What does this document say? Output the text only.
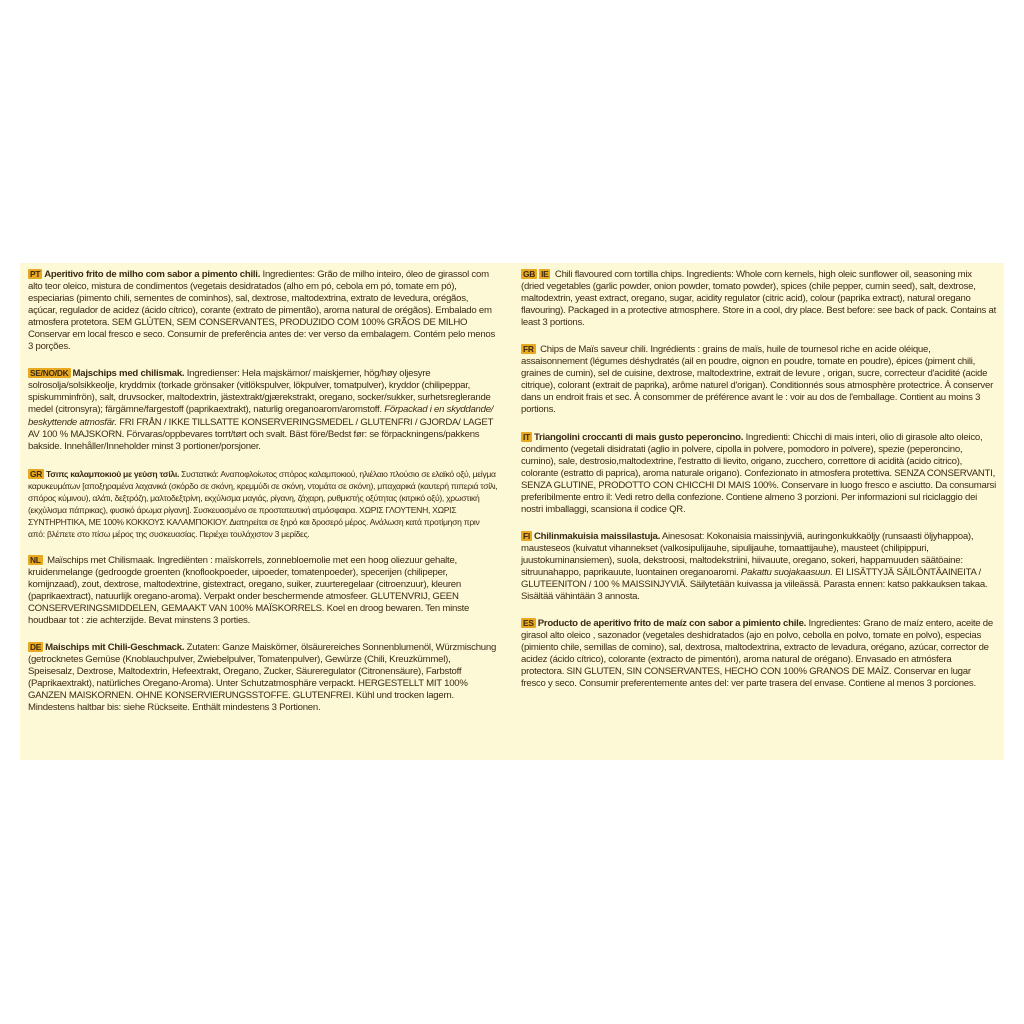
PT Aperitivo frito de milho com sabor a pimento chili. Ingredientes: Grão de milho inteiro, óleo de girassol com alto teor oleico, mistura de condimentos (vegetais desidratados (alho em pó, cebola em pó, tomate em pó), especiarias (pimento chili, sementes de cominhos), sal, dextrose, maltodextrina, extrato de levedura, orégãos, açúcar, regulador de acidez (ácido cítrico), corante (extrato de pimentão), aroma natural de orégãos). Embalado em atmosfera protetora. SEM GLÚTEN, SEM CONSERVANTES, PRODUZIDO COM 100% GRÃOS DE MILHO Conservar em local fresco e seco. Consumir de preferência antes de: ver verso da embalagem. Contém pelo menos 3 porções.

SE/NO/DK Majschips med chilismak. Ingredienser: Hela majskärnor/ maiskjerner, hög/høy oljesyre solrosolja/solsikkeolje, kryddmix (torkade grönsaker (vitlökspulver, lökpulver, tomatpulver), kryddor (chilipeppar, spiskumminfrön), salt, druvsocker, maltodextrin, jästextrakt/gjærekstrakt, oregano, socker/sukker, surhetsreglerande medel (citronsyra); färgämne/fargestoff (paprikaextrakt), naturlig oreganoarom/aromstoff. Förpackad i en skyddande/ beskyttende atmosfär. FRI FRÅN / IKKE TILLSATTE KONSERVERINGSMEDEL / GLUTENFRI / GJORDA/ LAGET AV 100 % MAJSKORN. Förvaras/oppbevares torrt/tørt och svalt. Bäst före/Bedst før: se förpackningens/pakkens bakside. Innehåller/Inneholder minst 3 portioner/porsjoner.

GR Τσιπς καλαμποκιού με γεύση τσίλι. Συστατικά: Αναποφλοίωτος σπόρος καλαμποκιού, ηλιέλαιο πλούσιο σε ελαϊκό οξύ, μείγμα καρυκευμάτων [αποξηραμένα λαχανικά (σκόρδο σε σκόνη, κρεμμύδι σε σκόνη, ντομάτα σε σκόνη), μπαχαρικά (καυτερή πιπεριά τσίλι, σπόρος κύμινου), αλάτι, δεξτρόζη, μαλτοδεξτρίνη, εκχύλισμα μαγιάς, ρίγανη, ζάχαρη, ρυθμιστής οξύτητας (κιτρικό οξύ), χρωστική (εκχύλισμα πάπρικας), φυσικό άρωμα ρίγανη]. Συσκευασμένο σε προστατευτική ατμόσφαιρα. ΧΩΡΙΣ ΓΛΟΥΤΕΝΗ, ΧΩΡΙΣ ΣΥΝΤΗΡΗΤΙΚΑ, ΜΕ 100% ΚΟΚΚΟΥΣ ΚΑΛΑΜΠΟΚΙΟΥ. Διατηρείται σε ξηρό και δροσερό μέρος. Ανάλωση κατά προτίμηση πριν από: βλέπετε στο πίσω μέρος της συσκευασίας. Περιέχει τουλάχιστον 3 μερίδες.

NL Maïschips met Chilismaak. Ingrediënten : maïskorrels, zonnebloemolie met een hoog oliezuur gehalte, kruidenmelange (gedroogde groenten (knoflookpoeder, uipoeder, tomatenpoeder), specerijen (chilipeper, komijnzaad), zout, dextrose, maltodextrine, gistextract, oregano, suiker, zuurteregelaar (citroenzuur), kleuren (paprikaextract), natuurlijk oregano-aroma). Verpakt onder beschermende atmosfeer. GLUTENVRIJ, GEEN CONSERVERINGSMIDDELEN, GEMAAKT VAN 100% MAÏSKORRELS. Koel en droog bewaren. Ten minste houdbaar tot : zie achterzijde. Bevat minstens 3 porties.

DE Maischips mit Chili-Geschmack. Zutaten: Ganze Maiskörner, ölsäurereiches Sonnenblumenöl, Würzmischung (getrocknetes Gemüse (Knoblauchpulver, Zwiebelpulver, Tomatenpulver), Gewürze (Chili, Kreuzkümmel), Speisesalz, Dextrose, Maltodextrin, Hefeextrakt, Oregano, Zucker, Säureregulator (Citronensäure), Farbstoff (Paprikaextrakt), natürliches Oregano-Aroma). Unter Schutzatmosphäre verpackt. HERGESTELLT MIT 100% GANZEN MAISKORNEN. OHNE KONSERVIERUNGSSTOFFE. GLUTENFREI. Kühl und trocken lagern. Mindestens haltbar bis: siehe Rückseite. Enthält mindestens 3 Portionen.

GB IE Chili flavoured corn tortilla chips. Ingredients: Whole corn kernels, high oleic sunflower oil, seasoning mix (dried vegetables (garlic powder, onion powder, tomato powder), spices (chile pepper, cumin seed), salt, dextrose, maltodextrin, yeast extract, oregano, sugar, acidity regulator (citric acid), colour (paprika extract), natural oregano flavouring). Packaged in a protective atmosphere. Store in a cool, dry place. Best before: see back of pack. Contains at least 3 portions.

FR Chips de Maïs saveur chili. Ingrédients : grains de maïs, huile de tournesol riche en acide oléique, assaisonnement (légumes déshydratés (ail en poudre, oignon en poudre, tomate en poudre), épices (piment chili, graines de cumin), sel de cuisine, dextrose, maltodextrine, extrait de levure , origan, sucre, correcteur d'acidité (acide citrique), colorant (extrait de paprika), arôme naturel d'origan). Conditionnés sous atmosphère protectrice. À conserver dans un endroit frais et sec. À consommer de préférence avant le : voir au dos de l'emballage. Contient au moins 3 portions.

IT Triangolini croccanti di mais gusto peperoncino. Ingredienti: Chicchi di mais interi, olio di girasole alto oleico, condimento (vegetali disidratati (aglio in polvere, cipolla in polvere, pomodoro in polvere), spezie (peperoncino, cumino), sale, destrosio,maltodextrine, l'estratto di lievito, origano, zucchero, correttore di acidità (acido citrico), colorante (estratto di paprica), aroma naturale origano). Confezionato in atmosfera protettiva. SENZA CONSERVANTI, SENZA GLUTINE, PRODOTTO CON CHICCHI DI MAIS 100%. Conservare in luogo fresco e asciutto. Da consumarsi preferibilmente entro il: Vedi retro della confezione. Contiene almeno 3 porzioni. Per informazioni sul riciclaggio dei nostri imballaggi, scansiona il codice QR.

FI Chilinmakuisia maissilastuja. Ainesosat: Kokonaisia maissinjyviä, auringonkukkaöljy (runsaasti öljyhappoa), mausteseos (kuivatut vihannekset (valkosipulijauhe, sipulijauhe, tomaattijauhe), mausteet (chilipippuri, juustokuminansiemen), suola, dekstroosi, maltodekstriini, hiivauute, oregano, sokeri, happamuuden säätöaine: sitruunahappo, paprikauute, luontainen oreganoaromi. Pakattu suojakaasuun. EI LISÄTTYJÄ SÄILÖNTÄAINEITA / GLUTEENITON / 100 % MAISSINJYVIÄ. Säilytetään kuivassa ja viileässä. Parasta ennen: katso pakkauksen takaa. Sisältää vähintään 3 annosta.

ES Producto de aperitivo frito de maíz con sabor a pimiento chile. Ingredientes: Grano de maíz entero, aceite de girasol alto oleico , sazonador (vegetales deshidratados (ajo en polvo, cebolla en polvo, tomate en polvo), especias (pimiento chile, semillas de comino), sal, dextrosa, maltodextrina, extracto de levadura, orégano, azúcar, corrector de acidez (ácido cítrico), colorante (extracto de pimentón), aroma natural de orégano). Envasado en atmósfera protectora. SIN GLUTEN, SIN CONSERVANTES, HECHO CON 100% GRANOS DE MAÍZ. Conservar en lugar fresco y seco. Consumir preferentemente antes del: ver parte trasera del envase. Contiene al menos 3 porciones.
